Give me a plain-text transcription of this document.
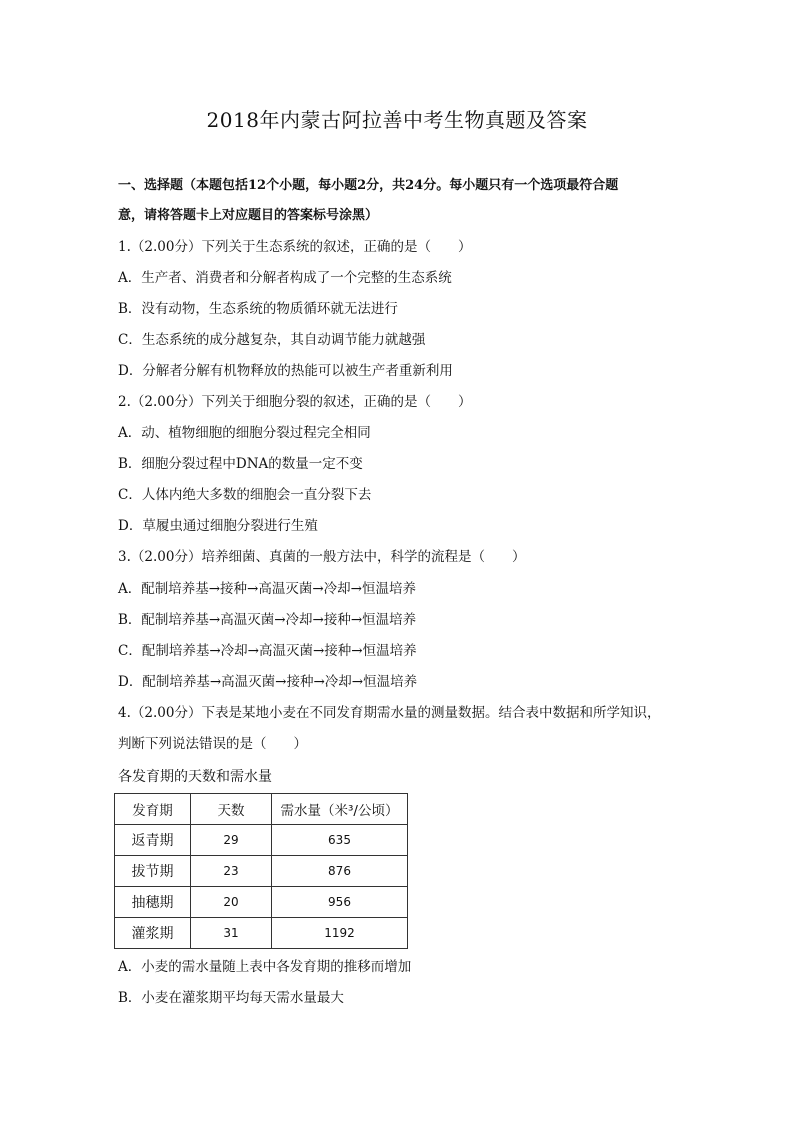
2018年内蒙古阿拉善中考生物真题及答案
一、选择题（本题包括12个小题，每小题2分，共24分。每小题只有一个选项最符合题
意，请将答题卡上对应题目的答案标号涂黑）
1.（2.00分）下列关于生态系统的叙述，正确的是（　　）
A．生产者、消费者和分解者构成了一个完整的生态系统
B．没有动物，生态系统的物质循环就无法进行
C．生态系统的成分越复杂，其自动调节能力就越强
D．分解者分解有机物释放的热能可以被生产者重新利用
2.（2.00分）下列关于细胞分裂的叙述，正确的是（　　）
A．动、植物细胞的细胞分裂过程完全相同
B．细胞分裂过程中DNA的数量一定不变
C．人体内绝大多数的细胞会一直分裂下去
D．草履虫通过细胞分裂进行生殖
3.（2.00分）培养细菌、真菌的一般方法中，科学的流程是（　　）
A．配制培养基→接种→高温灭菌→冷却→恒温培养
B．配制培养基→高温灭菌→冷却→接种→恒温培养
C．配制培养基→冷却→高温灭菌→接种→恒温培养
D．配制培养基→高温灭菌→接种→冷却→恒温培养
4.（2.00分）下表是某地小麦在不同发育期需水量的测量数据。结合表中数据和所学知识，
判断下列说法错误的是（　　）
各发育期的天数和需水量
发育期	天数	需水量（米³/公顷）
返青期	29	635
拔节期	23	876
抽穗期	20	956
灌浆期	31	1192
A．小麦的需水量随上表中各发育期的推移而增加
B．小麦在灌浆期平均每天需水量最大
